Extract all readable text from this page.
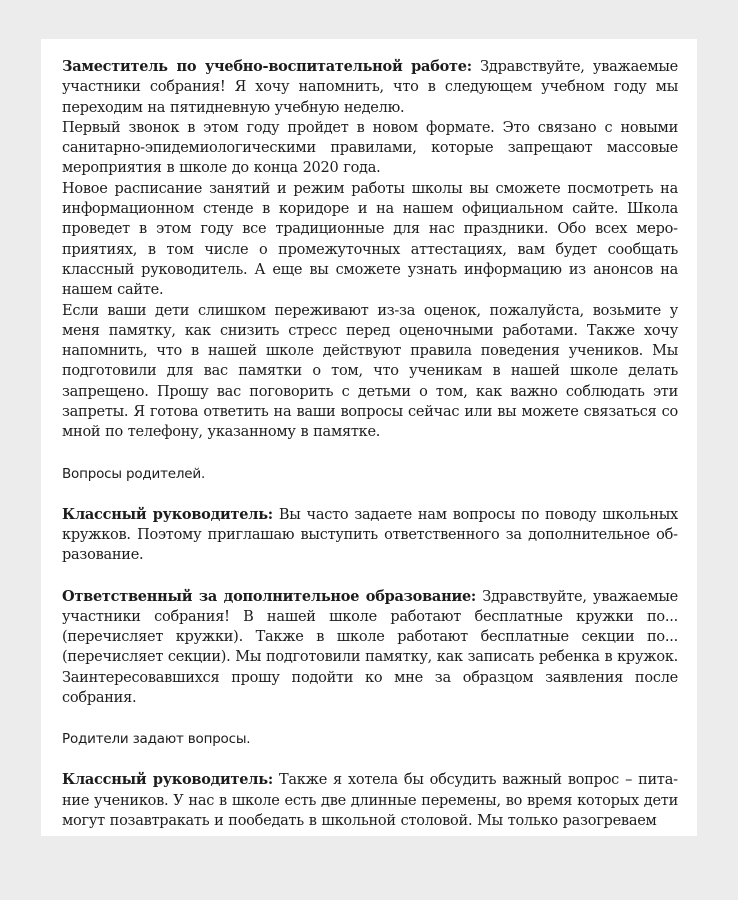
Заместитель по учебно-воспитательной работе: Здравствуйте, уважаемые участники собрания! Я хочу напомнить, что в следующем учебном году мы переходим на пятидневную учебную неделю.

Первый звонок в этом году пройдет в новом формате. Это связано с новыми санитарно-эпидемиологическими правилами, которые запрещают массовые мероприятия в школе до конца 2020 года.

Новое расписание занятий и режим работы школы вы сможете посмотреть на информационном стенде в коридоре и на нашем официальном сайте. Школа проведет в этом году все традиционные для нас праздники. Обо всех мероприятиях, в том числе о промежуточных аттестациях, вам будет сообщать классный руководитель. А еще вы сможете узнать информацию из анонсов на нашем сайте.

Если ваши дети слишком переживают из-за оценок, пожалуйста, возьмите у меня памятку, как снизить стресс перед оценочными работами. Также хочу напомнить, что в нашей школе действуют правила поведения учеников. Мы подготовили для вас памятки о том, что ученикам в нашей школе делать запрещено. Прошу вас поговорить с детьми о том, как важно соблюдать эти запреты. Я готова ответить на ваши вопросы сейчас или вы можете связаться со мной по телефону, указанному в памятке.

Вопросы родителей.

Классный руководитель: Вы часто задаете нам вопросы по поводу школьных кружков. Поэтому приглашаю выступить ответственного за дополнительное образование.

Ответственный за дополнительное образование: Здравствуйте, уважаемые участники собрания! В нашей школе работают бесплатные кружки по... (перечисляет кружки). Также в школе работают бесплатные секции по... (перечисляет секции). Мы подготовили памятку, как записать ребенка в кружок. Заинтересовавшихся прошу подойти ко мне за образцом заявления после собрания.

Родители задают вопросы.

Классный руководитель: Также я хотела бы обсудить важный вопрос – питание учеников. У нас в школе есть две длинные перемены, во время которых дети могут позавтракать и пообедать в школьной столовой. Мы только разогреваем
